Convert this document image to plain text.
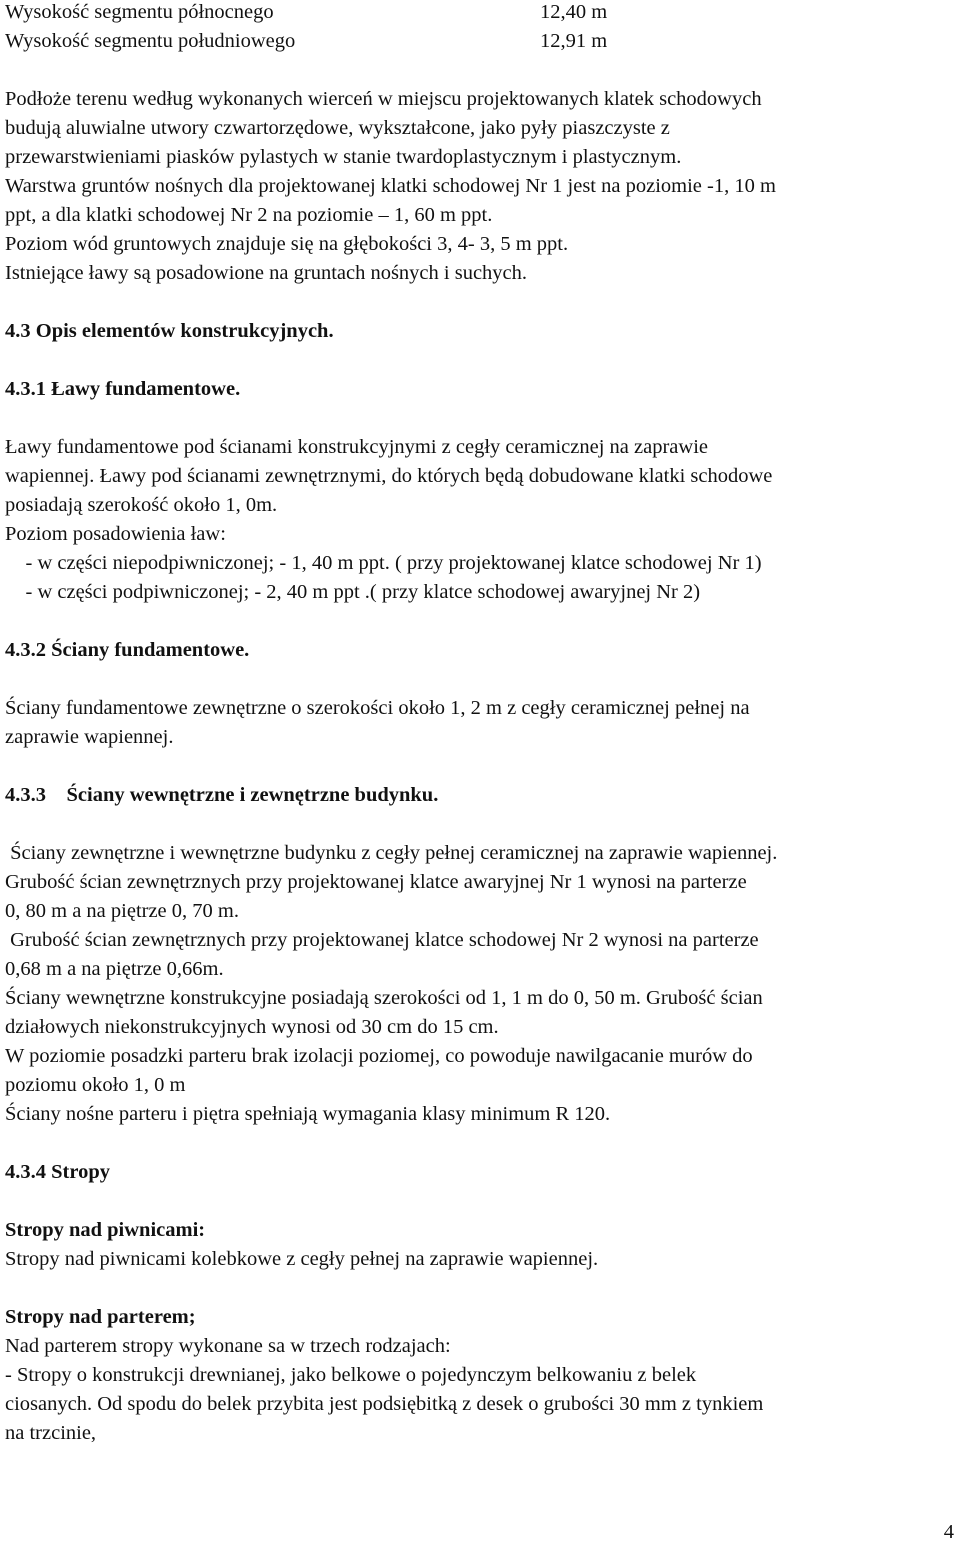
Wysokość segmentu północnego	12,40 m
Wysokość segmentu południowego	12,91 m
Podłoże terenu według wykonanych wierceń w miejscu projektowanych klatek schodowych
budują aluwialne utwory czwartorzędowe, wykształcone, jako pyły piaszczyste z
przewarstwieniami piasków pylastych w stanie twardoplastycznym i plastycznym.
Warstwa gruntów nośnych dla projektowanej klatki schodowej Nr 1 jest na poziomie -1, 10 m
ppt, a dla klatki schodowej Nr 2 na poziomie – 1, 60 m ppt.
Poziom wód gruntowych znajduje się na głębokości 3, 4- 3, 5 m ppt.
Istniejące ławy są posadowione na gruntach nośnych i suchych.
4.3 Opis elementów konstrukcyjnych.
4.3.1 Ławy fundamentowe.
Ławy fundamentowe pod ścianami konstrukcyjnymi z cegły ceramicznej na zaprawie
wapiennej. Ławy pod ścianami zewnętrznymi, do których będą dobudowane klatki schodowe
posiadają szerokość około 1, 0m.
Poziom posadowienia ław:
- w części niepodpiwniczonej; - 1, 40 m ppt. ( przy projektowanej klatce schodowej Nr 1)
- w części podpiwniczonej; - 2, 40 m ppt .( przy klatce schodowej awaryjnej Nr 2)
4.3.2 Ściany fundamentowe.
Ściany fundamentowe zewnętrzne o szerokości około 1, 2 m z cegły ceramicznej pełnej na
zaprawie wapiennej.
4.3.3    Ściany wewnętrzne i zewnętrzne budynku.
Ściany zewnętrzne i wewnętrzne budynku z cegły pełnej ceramicznej na zaprawie wapiennej.
Grubość ścian zewnętrznych przy projektowanej klatce awaryjnej Nr 1 wynosi na parterze
0, 80 m a na piętrze 0, 70 m.
Grubość ścian zewnętrznych przy projektowanej klatce schodowej Nr 2 wynosi na parterze
0,68 m a na piętrze 0,66m.
Ściany wewnętrzne konstrukcyjne posiadają szerokości od 1, 1 m do 0, 50 m. Grubość ścian
działowych niekonstrukcyjnych wynosi od 30 cm do 15 cm.
W poziomie posadzki parteru brak izolacji poziomej, co powoduje nawilgacanie murów do
poziomu około 1, 0 m
Ściany nośne parteru i piętra spełniają wymagania klasy minimum R 120.
4.3.4 Stropy
Stropy nad piwnicami:
Stropy nad piwnicami kolebkowe z cegły pełnej na zaprawie wapiennej.
Stropy nad parterem;
Nad parterem stropy wykonane sa w trzech rodzajach:
- Stropy o konstrukcji drewnianej, jako belkowe o pojedynczym belkowaniu z belek
ciosanych. Od spodu do belek przybita jest podsiębitką z desek o grubości 30 mm z tynkiem
na trzcinie,
4
